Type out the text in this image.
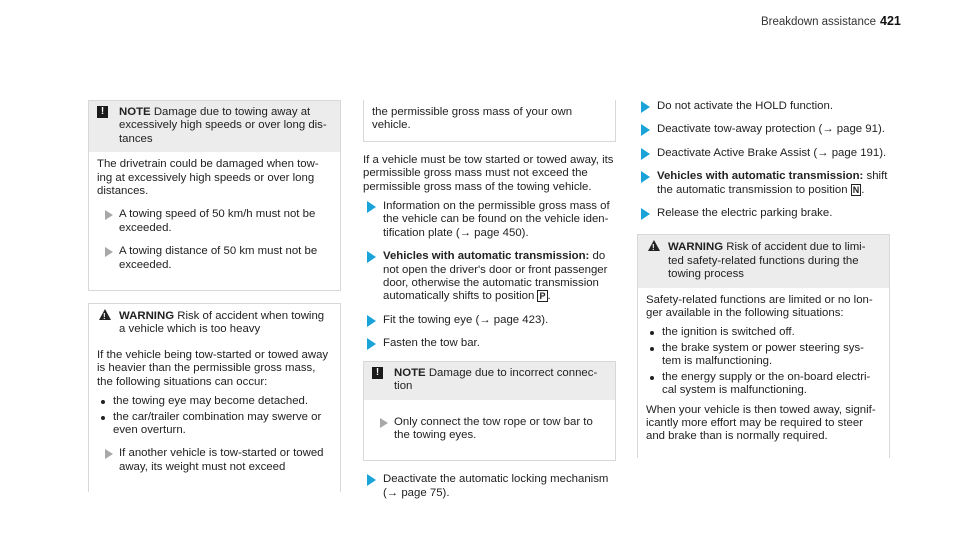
Breakdown assistance 421
!	NOTE Damage due to towing away at excessively high speeds or over long dis-tances

The drivetrain could be damaged when tow-ing at excessively high speeds or over long distances.

A towing speed of 50 km/h must not be exceeded.
A towing distance of 50 km must not be exceeded.
!
WARNING Risk of accident when towing a vehicle which is too heavy

If the vehicle being tow-started or towed away is heavier than the permissible gross mass, the following situations can occur:

the towing eye may become detached.
the car/trailer combination may swerve or even overturn.
If another vehicle is tow-started or towed away, its weight must not exceed
the permissible gross mass of your own vehicle.

If a vehicle must be tow started or towed away, its permissible gross mass must not exceed the permissible gross mass of the towing vehicle.

Information on the permissible gross mass of the vehicle can be found on the vehicle iden-tification plate (→ page 450).
Vehicles with automatic transmission: do not open the driver's door or front passenger door, otherwise the automatic transmission automatically shifts to position P .
Fit the towing eye (→ page 423).
Fasten the tow bar.
!	NOTE Damage due to incorrect connec-tion
Only connect the tow rope or tow bar to the towing eyes.
Deactivate the automatic locking mechanism (→ page 75).
Do not activate the HOLD function.
Deactivate tow-away protection (→ page 91).
Deactivate Active Brake Assist (→ page 191).
Vehicles with automatic transmission: shift the automatic transmission to position N .
Release the electric parking brake.
!
WARNING Risk of accident due to limi-ted safety-related functions during the towing process

Safety-related functions are limited or no lon-ger available in the following situations:

the ignition is switched off.
the brake system or power steering sys-tem is malfunctioning.
the energy supply or the on-board electri-cal system is malfunctioning.

When your vehicle is then towed away, signif-icantly more effort may be required to steer and brake than is normally required.
